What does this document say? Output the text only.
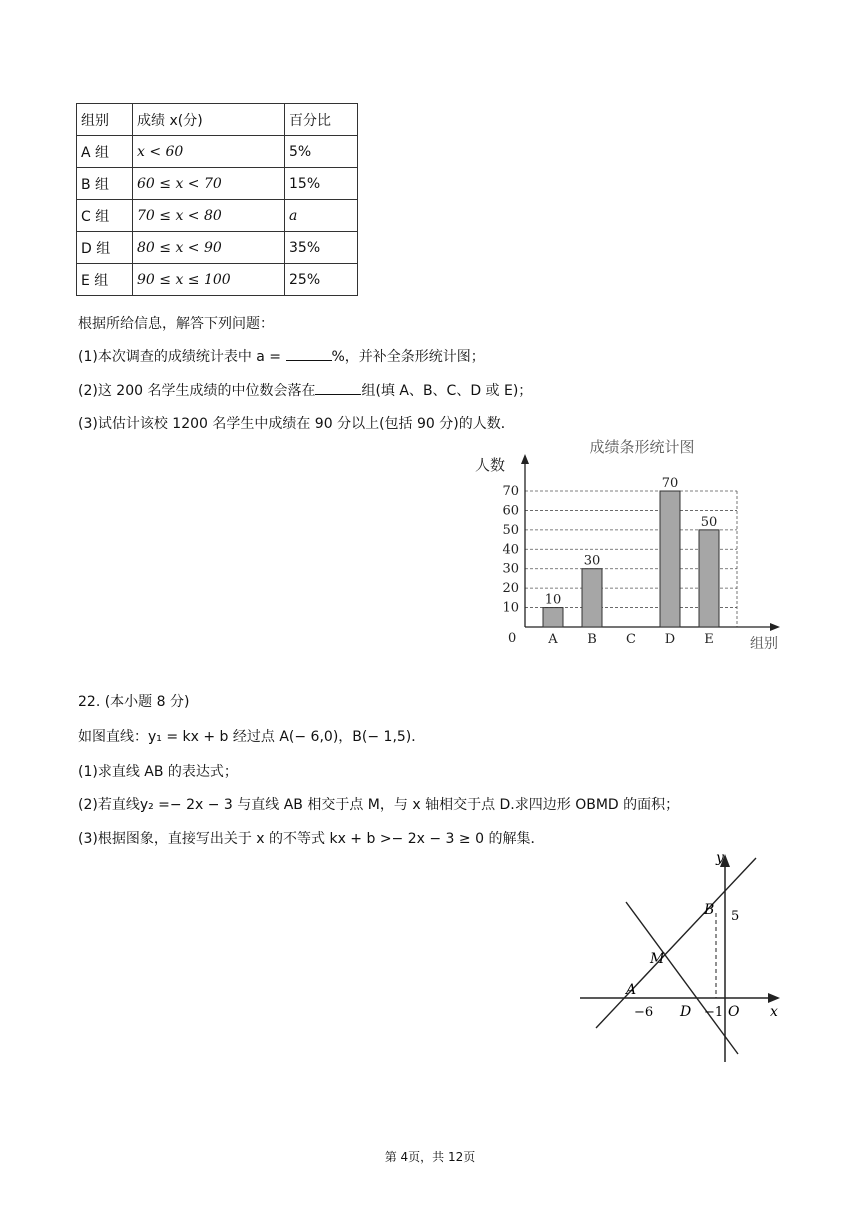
组别	成绩 x(分)	百分比
A 组	x < 60	5%
B 组	60 ≤ x < 70	15%
C 组	70 ≤ x < 80	a
D 组	80 ≤ x < 90	35%
E 组	90 ≤ x ≤ 100	25%
根据所给信息，解答下列问题：
(1)本次调查的成绩统计表中 a =	%，并补全条形统计图；
(2)这 200 名学生成绩的中位数会落在	组(填 A、B、C、D 或 E)；
(3)试估计该校 1200 名学生中成绩在 90 分以上(包括 90 分)的人数．
成绩条形统计图
人数
组别
0
10
20
30
40
50
60
70
10
A
30
B C
70
D
50
E
22. (本小题 8 分)
如图直线：y₁ = kx + b 经过点 A(− 6,0)，B(− 1,5)．
(1)求直线 AB 的表达式；
(2)若直线y₂ =− 2x − 3 与直线 AB 相交于点 M，与 x 轴相交于点 D.求四边形 OBMD 的面积；
(3)根据图象，直接写出关于 x 的不等式 kx + b >− 2x − 3 ≥ 0 的解集．
y
x
B 5
M
A
−6 D −1 O
第 4页，共 12页
